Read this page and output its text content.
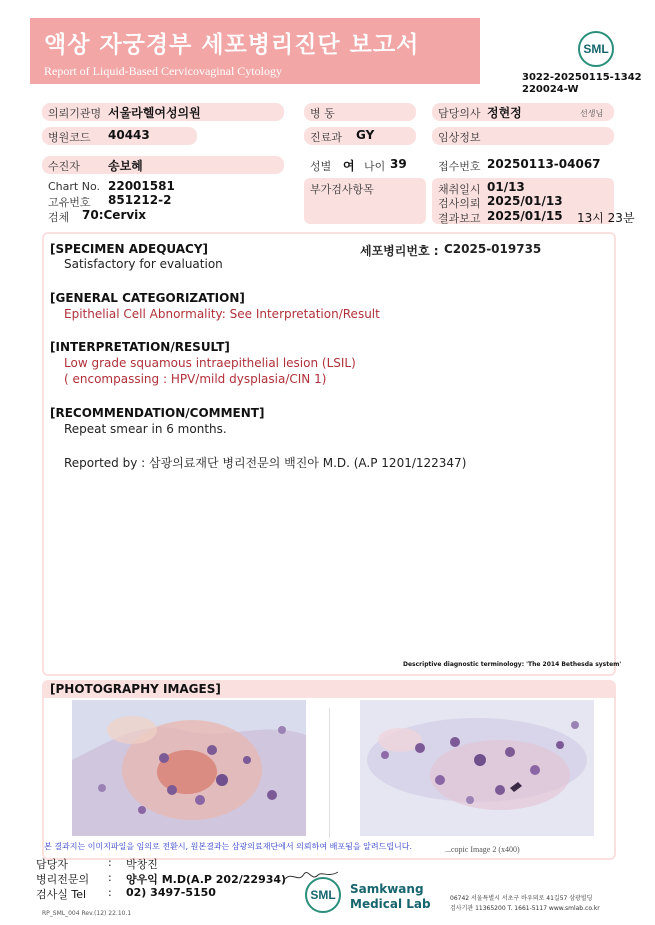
액상 자궁경부 세포병리진단 보고서
Report of Liquid-Based Cervicovaginal Cytology
SML
3022-20250115-1342
220024-W
의뢰기관명 서울라헬여성의원	병 동	담당의사 정현정	선생님
병원코드 40443	진료과 GY	임상정보
수진자 송보혜	성별 여 나이 39	접수번호 20250113-04067
Chart No. 22001581
고유번호 851212-2
검체 70:Cervix
부가검사항목	채취일시 01/13
검사의뢰 2025/01/13
결과보고 2025/01/15 13시 23분
[SPECIMEN ADEQUACY]	세포병리번호 : C2025-019735
Satisfactory for evaluation
[GENERAL CATEGORIZATION]
Epithelial Cell Abnormality: See Interpretation/Result
[INTERPRETATION/RESULT]
Low grade squamous intraepithelial lesion (LSIL)
( encompassing : HPV/mild dysplasia/CIN 1)
[RECOMMENDATION/COMMENT]
Repeat smear in 6 months.
Reported by : 삼광의료재단 병리전문의 백진아 M.D. (A.P 1201/122347)
Descriptive diagnostic terminology: 'The 2014 Bethesda system'
[PHOTOGRAPHY IMAGES]
본 결과지는 이미지파일을 임의로 전환시, 원본결과는 삼광의료재단에서 의뢰하여 배포됨을 알려드립니다.	...copic Image 2 (x400)
담당자	: 박창진
병리전문의 : 양우익 M.D(A.P 202/22934)
검사실 Tel : 02) 3497-5150	SML Samkwang
Medical Lab	06742 서울특별시 서초구 바우뫼로 41길57 삼광빌딩
검사기관 11365200 T. 1661-5117 www.smlab.co.kr
RP_SML_004 Rev.(12) 22.10.1
